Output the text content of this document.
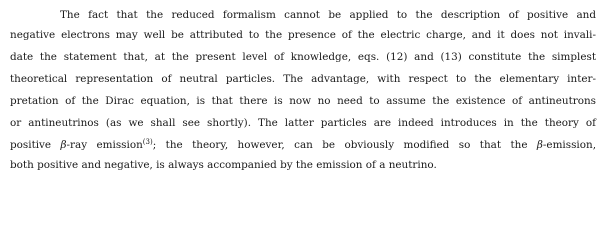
The fact that the reduced formalism cannot be applied to the description of positive and
negative electrons may well be attributed to the presence of the electric charge, and it does not invali-
date the statement that, at the present level of knowledge, eqs. (12) and (13) constitute the simplest
theoretical representation of neutral particles. The advantage, with respect to the elementary inter-
pretation of the Dirac equation, is that there is now no need to assume the existence of antineutrons
or antineutrinos (as we shall see shortly). The latter particles are indeed introduces in the theory of
positive β-ray emission$^{(3)}$; the theory, however, can be obviously modified so that the β-emission,
both positive and negative, is always accompanied by the emission of a neutrino.
